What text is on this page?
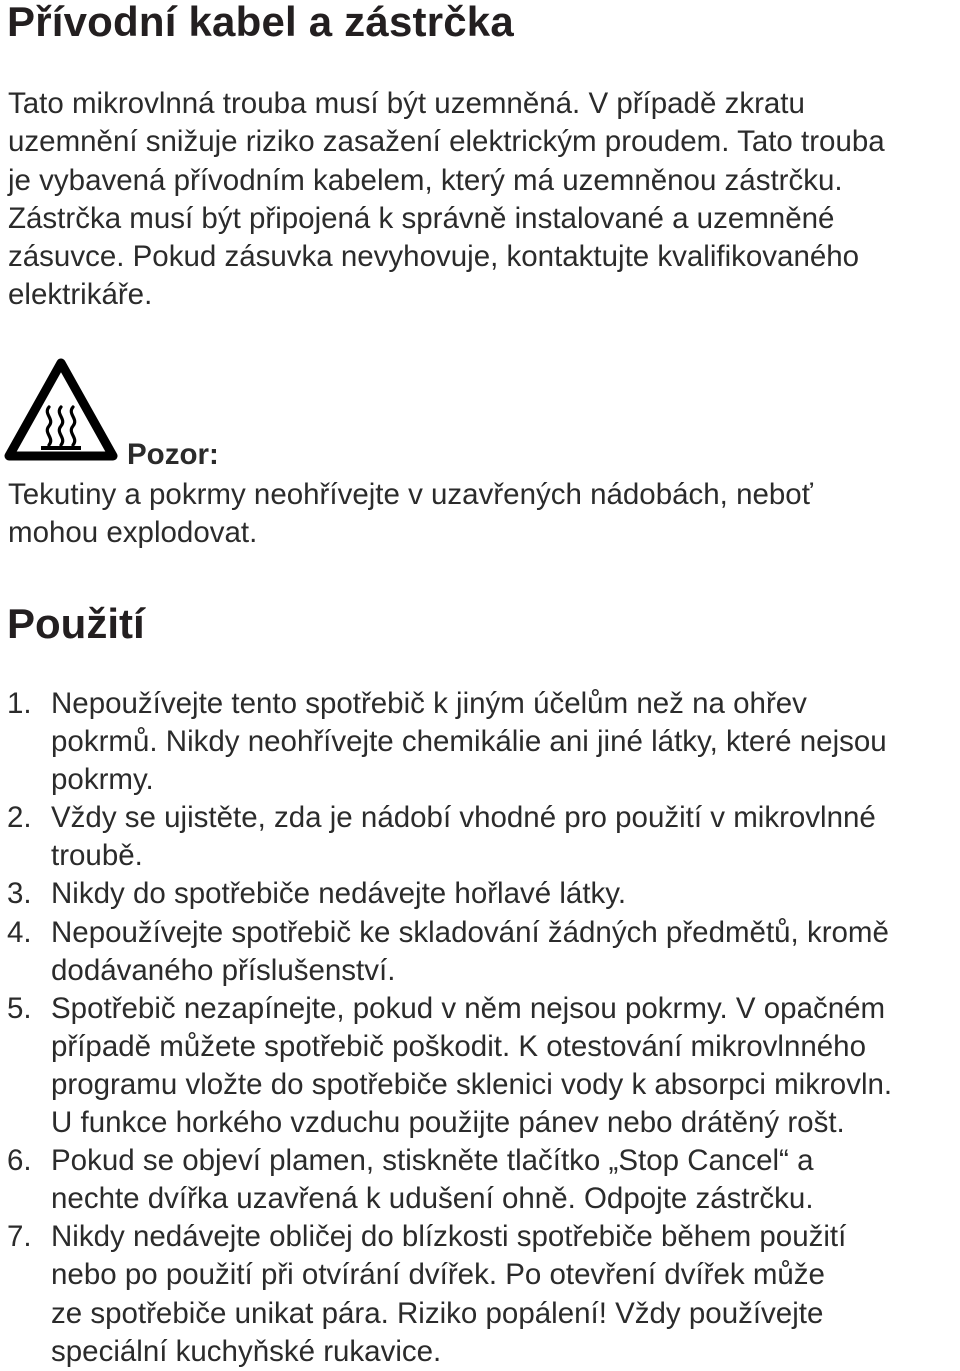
Přívodní kabel a zástrčka

Tato mikrovlnná trouba musí být uzemněná. V případě zkratu
uzemnění snižuje riziko zasažení elektrickým proudem. Tato trouba
je vybavená přívodním kabelem, který má uzemněnou zástrčku.
Zástrčka musí být připojená k správně instalované a uzemněné
zásuvce. Pokud zásuvka nevyhovuje, kontaktujte kvalifikovaného
elektrikáře.

Pozor:

Tekutiny a pokrmy neohřívejte v uzavřených nádobách, neboť
mohou explodovat.

Použití
1. Nepoužívejte tento spotřebič k jiným účelům než na ohřev
pokrmů. Nikdy neohřívejte chemikálie ani jiné látky, které nejsou
pokrmy.
2. Vždy se ujistěte, zda je nádobí vhodné pro použití v mikrovlnné
troubě.
3. Nikdy do spotřebiče nedávejte hořlavé látky.
4. Nepoužívejte spotřebič ke skladování žádných předmětů, kromě
dodávaného příslušenství.
5. Spotřebič nezapínejte, pokud v něm nejsou pokrmy. V opačném
případě můžete spotřebič poškodit. K otestování mikrovlnného
programu vložte do spotřebiče sklenici vody k absorpci mikrovln.
U funkce horkého vzduchu použijte pánev nebo drátěný rošt.
6. Pokud se objeví plamen, stiskněte tlačítko „Stop Cancel“ a
nechte dvířka uzavřená k udušení ohně. Odpojte zástrčku.
7. Nikdy nedávejte obličej do blízkosti spotřebiče během použití
nebo po použití při otvírání dvířek. Po otevření dvířek může
ze spotřebiče unikat pára. Riziko popálení! Vždy používejte
speciální kuchyňské rukavice.
